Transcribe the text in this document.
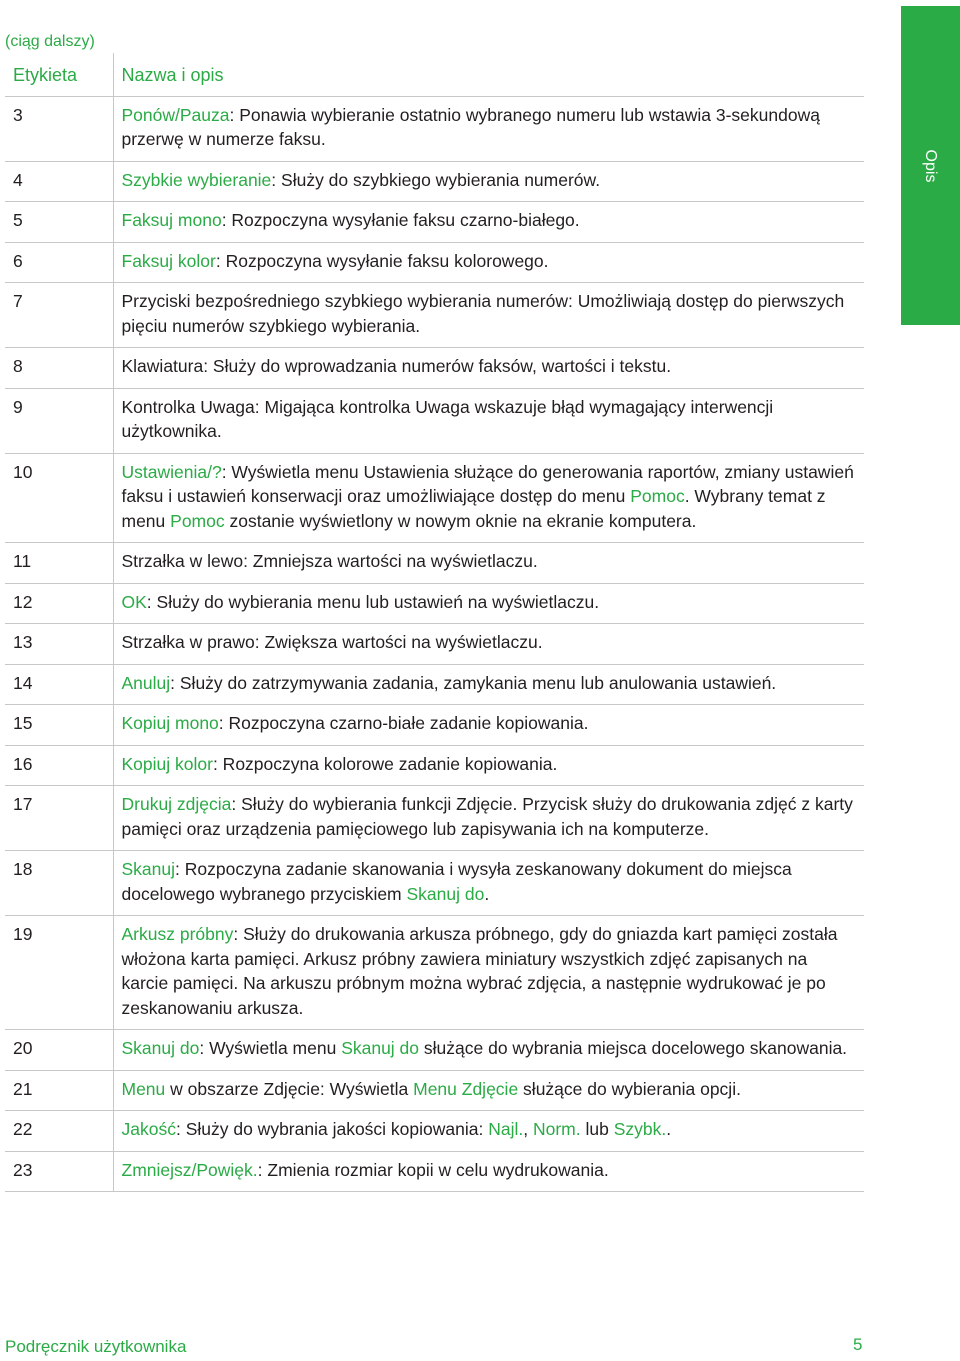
(ciąg dalszy)
Etykieta	Nazwa i opis
3	Ponów/Pauza: Ponawia wybieranie ostatnio wybranego numeru lub wstawia 3-sekundową przerwę w numerze faksu.
4	Szybkie wybieranie: Służy do szybkiego wybierania numerów.
5	Faksuj mono: Rozpoczyna wysyłanie faksu czarno-białego.
6	Faksuj kolor: Rozpoczyna wysyłanie faksu kolorowego.
7	Przyciski bezpośredniego szybkiego wybierania numerów: Umożliwiają dostęp do pierwszych pięciu numerów szybkiego wybierania.
8	Klawiatura: Służy do wprowadzania numerów faksów, wartości i tekstu.
9	Kontrolka Uwaga: Migająca kontrolka Uwaga wskazuje błąd wymagający interwencji użytkownika.
10	Ustawienia/?: Wyświetla menu Ustawienia służące do generowania raportów, zmiany ustawień faksu i ustawień konserwacji oraz umożliwiające dostęp do menu Pomoc. Wybrany temat z menu Pomoc zostanie wyświetlony w nowym oknie na ekranie komputera.
11	Strzałka w lewo: Zmniejsza wartości na wyświetlaczu.
12	OK: Służy do wybierania menu lub ustawień na wyświetlaczu.
13	Strzałka w prawo: Zwiększa wartości na wyświetlaczu.
14	Anuluj: Służy do zatrzymywania zadania, zamykania menu lub anulowania ustawień.
15	Kopiuj mono: Rozpoczyna czarno-białe zadanie kopiowania.
16	Kopiuj kolor: Rozpoczyna kolorowe zadanie kopiowania.
17	Drukuj zdjęcia: Służy do wybierania funkcji Zdjęcie. Przycisk służy do drukowania zdjęć z karty pamięci oraz urządzenia pamięciowego lub zapisywania ich na komputerze.
18	Skanuj: Rozpoczyna zadanie skanowania i wysyła zeskanowany dokument do miejsca docelowego wybranego przyciskiem Skanuj do.
19	Arkusz próbny: Służy do drukowania arkusza próbnego, gdy do gniazda kart pamięci została włożona karta pamięci. Arkusz próbny zawiera miniatury wszystkich zdjęć zapisanych na karcie pamięci. Na arkuszu próbnym można wybrać zdjęcia, a następnie wydrukować je po zeskanowaniu arkusza.
20	Skanuj do: Wyświetla menu Skanuj do służące do wybrania miejsca docelowego skanowania.
21	Menu w obszarze Zdjęcie: Wyświetla Menu Zdjęcie służące do wybierania opcji.
22	Jakość: Służy do wybrania jakości kopiowania: Najl., Norm. lub Szybk..
23	Zmniejsz/Powięk.: Zmienia rozmiar kopii w celu wydrukowania.
Opis
Podręcznik użytkownika	5
